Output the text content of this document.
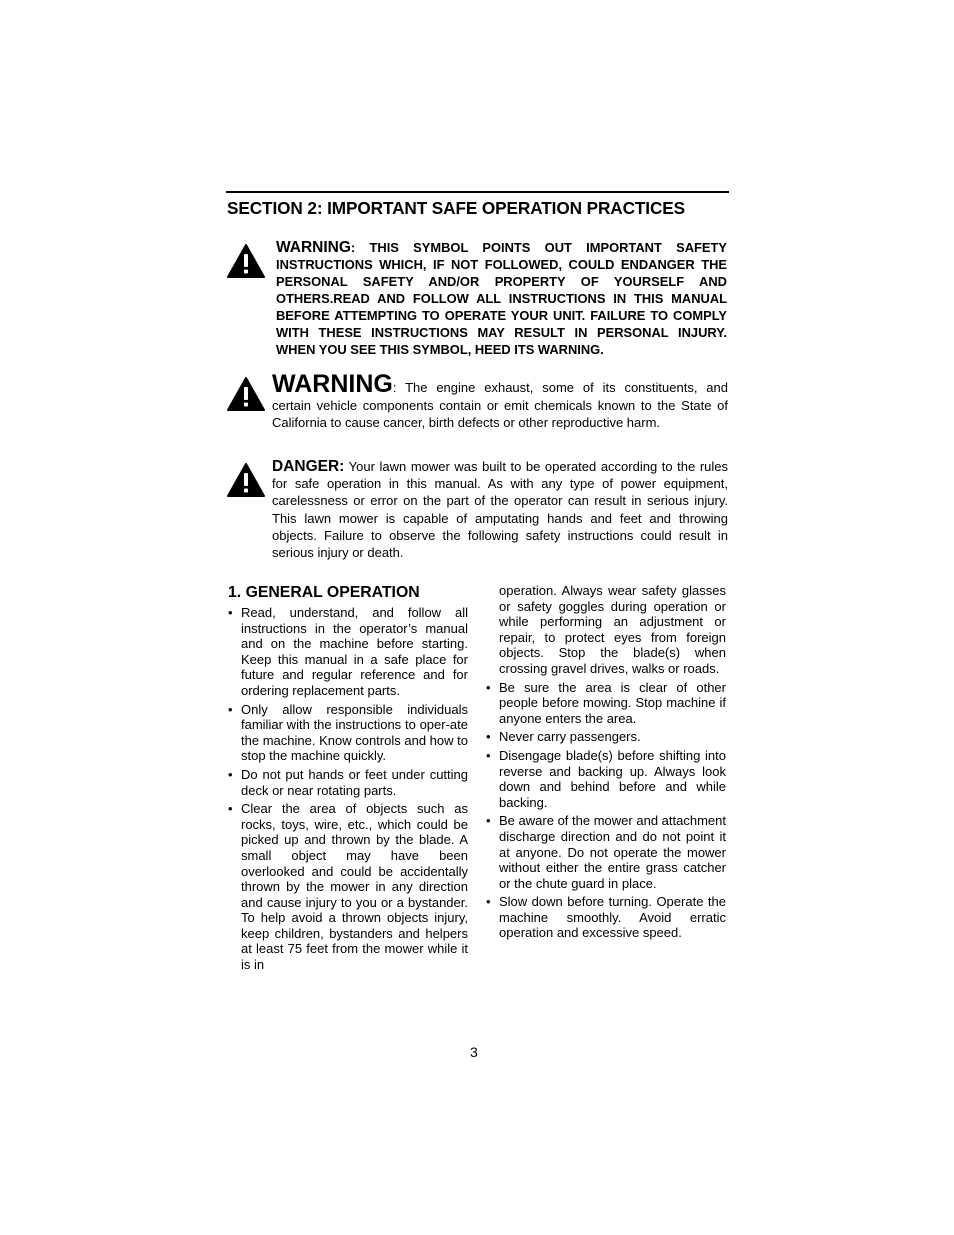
SECTION 2: IMPORTANT SAFE OPERATION PRACTICES
WARNING: THIS SYMBOL POINTS OUT IMPORTANT SAFETY INSTRUCTIONS WHICH, IF NOT FOLLOWED, COULD ENDANGER THE PERSONAL SAFETY AND/OR PROPERTY OF YOURSELF AND OTHERS.READ AND FOLLOW ALL INSTRUCTIONS IN THIS MANUAL BEFORE ATTEMPTING TO OPERATE YOUR UNIT. FAILURE TO COMPLY WITH THESE INSTRUCTIONS MAY RESULT IN PERSONAL INJURY. WHEN YOU SEE THIS SYMBOL, HEED ITS WARNING.
WARNING: The engine exhaust, some of its constituents, and certain vehicle components contain or emit chemicals known to the State of California to cause cancer, birth defects or other reproductive harm.
DANGER: Your lawn mower was built to be operated according to the rules for safe operation in this manual. As with any type of power equipment, carelessness or error on the part of the operator can result in serious injury. This lawn mower is capable of amputating hands and feet and throwing objects. Failure to observe the following safety instructions could result in serious injury or death.
1. GENERAL OPERATION
• Read, understand, and follow all instructions in the operator’s manual and on the machine before starting. Keep this manual in a safe place for future and regular reference and for ordering replacement parts.
• Only allow responsible individuals familiar with the instructions to oper-ate the machine. Know controls and how to stop the machine quickly.
• Do not put hands or feet under cutting deck or near rotating parts.
• Clear the area of objects such as rocks, toys, wire, etc., which could be picked up and thrown by the blade. A small object may have been overlooked and could be accidentally thrown by the mower in any direction and cause injury to you or a bystander. To help avoid a thrown objects injury, keep children, bystanders and helpers at least 75 feet from the mower while it is in
operation. Always wear safety glasses or safety goggles during operation or while performing an adjustment or repair, to protect eyes from foreign objects. Stop the blade(s) when crossing gravel drives, walks or roads.
• Be sure the area is clear of other people before mowing. Stop machine if anyone enters the area.
• Never carry passengers.
• Disengage blade(s) before shifting into reverse and backing up. Always look down and behind before and while backing.
• Be aware of the mower and attachment discharge direction and do not point it at anyone. Do not operate the mower without either the entire grass catcher or the chute guard in place.
• Slow down before turning. Operate the machine smoothly. Avoid erratic operation and excessive speed.
3
